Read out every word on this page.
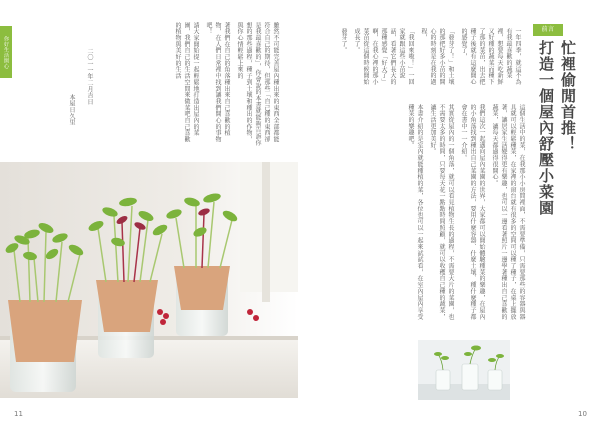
你好生活開心	雖然不可能完善屋內種出來的東西全部都能符合自己的期待，但那些「自己種的東西卻是我最喜歡的」，你會說的本書就能夠告訴你想的那些過程，種子到土壤和種出的作物，與你心情輕鬆上來的

著我們在自己的角落種出來自己喜歡的植物，在人們日常裡中找到讓我們開心的事物吧！

請大家開始提一起輕鬆地打造出屋內的菜園，我們自己的生活空間來做菜吧自己喜歡的植物與美好的生活

二〇一一年二月吉日
本屋日久里
11
前言
忙裡偷閒首推！
打造一個屋內舒壓小菜園

一年四季，就這不為有我最喜歡的蔬菜裡，想要每天吃新鮮又好種的蔬菜而種下了那的菜苗，出去把種子後就有這麼開心的感覺了，

「發芽了！」和土壤的那把好多小苗的開心的時刻是在我的過程，

「我回來啦！」一回家就跟這些小苗說話，看著它們長大的那種感覺「好大了」啊，在我心裡的那小菜苗從這個時候開始成長了。

發芽了。

這個生活中的菜，在我那小小房間裡面，不需要準備，只需要那些的容器與器具就可以輕鬆種菜，在家裡的窗台就有很多的空間可以種了種子，在桌上擺放著，讓居家生活變得更有樂趣，也可以一邊看著照片一邊學著種出自己喜歡的蔬菜，讓每天都過得很開心。

我們這次一起邁向屋內菜園的世界，大家都可以開始體驗種菜的樂趣，在屋內的小角落找到種出自己菜園的方法，要用什麼容器、什麼土壤、種什麼種子都會在書中一一介紹。

其實從屋內的一個角落，就可以看見植物生長的過程，不需要大片的菜園，也不需要太多的時間，只要每天花一點點時間照顧，就可以收穫自己種的蔬菜，讓生活更加美好。

本書介紹的是室內就能種植的菜，各位也可以一起來試試看，在室內屋內享受種菜的樂趣吧。

10
